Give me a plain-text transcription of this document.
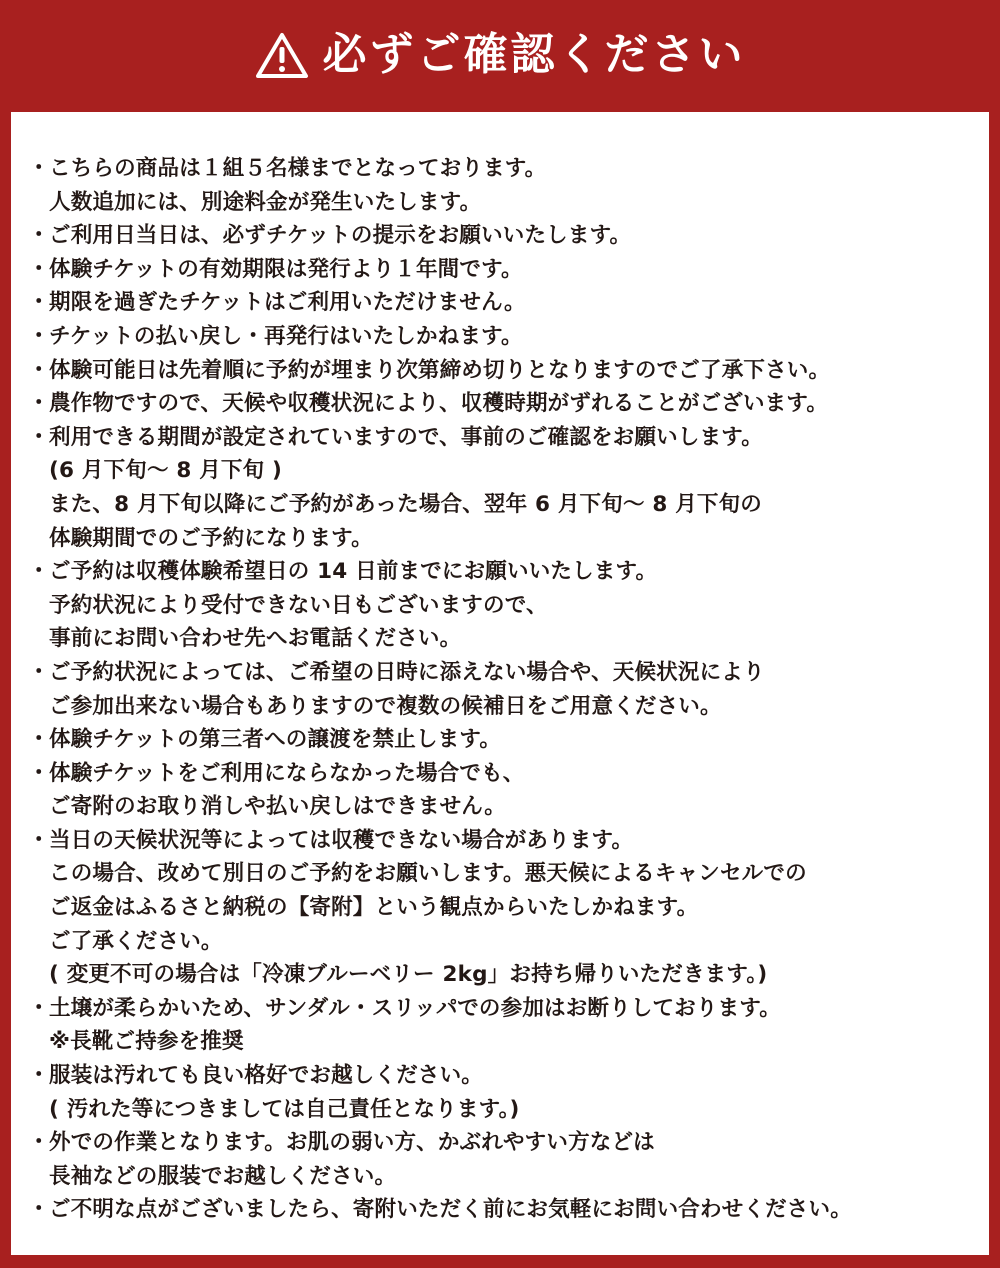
必ずご確認ください
・ こちらの商品は１組５名様までとなっております。
人数追加には、別途料金が発生いたします。
・ ご利用日当日は、必ずチケットの提示をお願いいたします。
・ 体験チケットの有効期限は発行より１年間です。
・ 期限を過ぎたチケットはご利用いただけません。
・ チケットの払い戻し・再発行はいたしかねます。
・ 体験可能日は先着順に予約が埋まり次第締め切りとなりますのでご了承下さい。
・ 農作物ですので、天候や収穫状況により、収穫時期がずれることがございます。
・ 利用できる期間が設定されていますので、事前のご確認をお願いします。
(6 月下旬～ 8 月下旬 )
また、8 月下旬以降にご予約があった場合、翌年 6 月下旬～ 8 月下旬の
体験期間でのご予約になります。
・ ご予約は収穫体験希望日の 14 日前までにお願いいたします。
予約状況により受付できない日もございますので、
事前にお問い合わせ先へお電話ください。
・ ご予約状況によっては、ご希望の日時に添えない場合や、天候状況により
ご参加出来ない場合もありますので複数の候補日をご用意ください。
・ 体験チケットの第三者への譲渡を禁止します。
・ 体験チケットをご利用にならなかった場合でも、
ご寄附のお取り消しや払い戻しはできません。
・ 当日の天候状況等によっては収穫できない場合があります。
この場合、改めて別日のご予約をお願いします。悪天候によるキャンセルでの
ご返金はふるさと納税の【寄附】という観点からいたしかねます。
ご了承ください。
( 変更不可の場合は「冷凍ブルーベリー 2kg」お持ち帰りいただきます。)
・ 土壌が柔らかいため、サンダル・スリッパでの参加はお断りしております。
※長靴ご持参を推奨
・ 服装は汚れても良い格好でお越しください。
( 汚れた等につきましては自己責任となります。)
・ 外での作業となります。お肌の弱い方、かぶれやすい方などは
長袖などの服装でお越しください。
・ ご不明な点がございましたら、寄附いただく前にお気軽にお問い合わせください。
